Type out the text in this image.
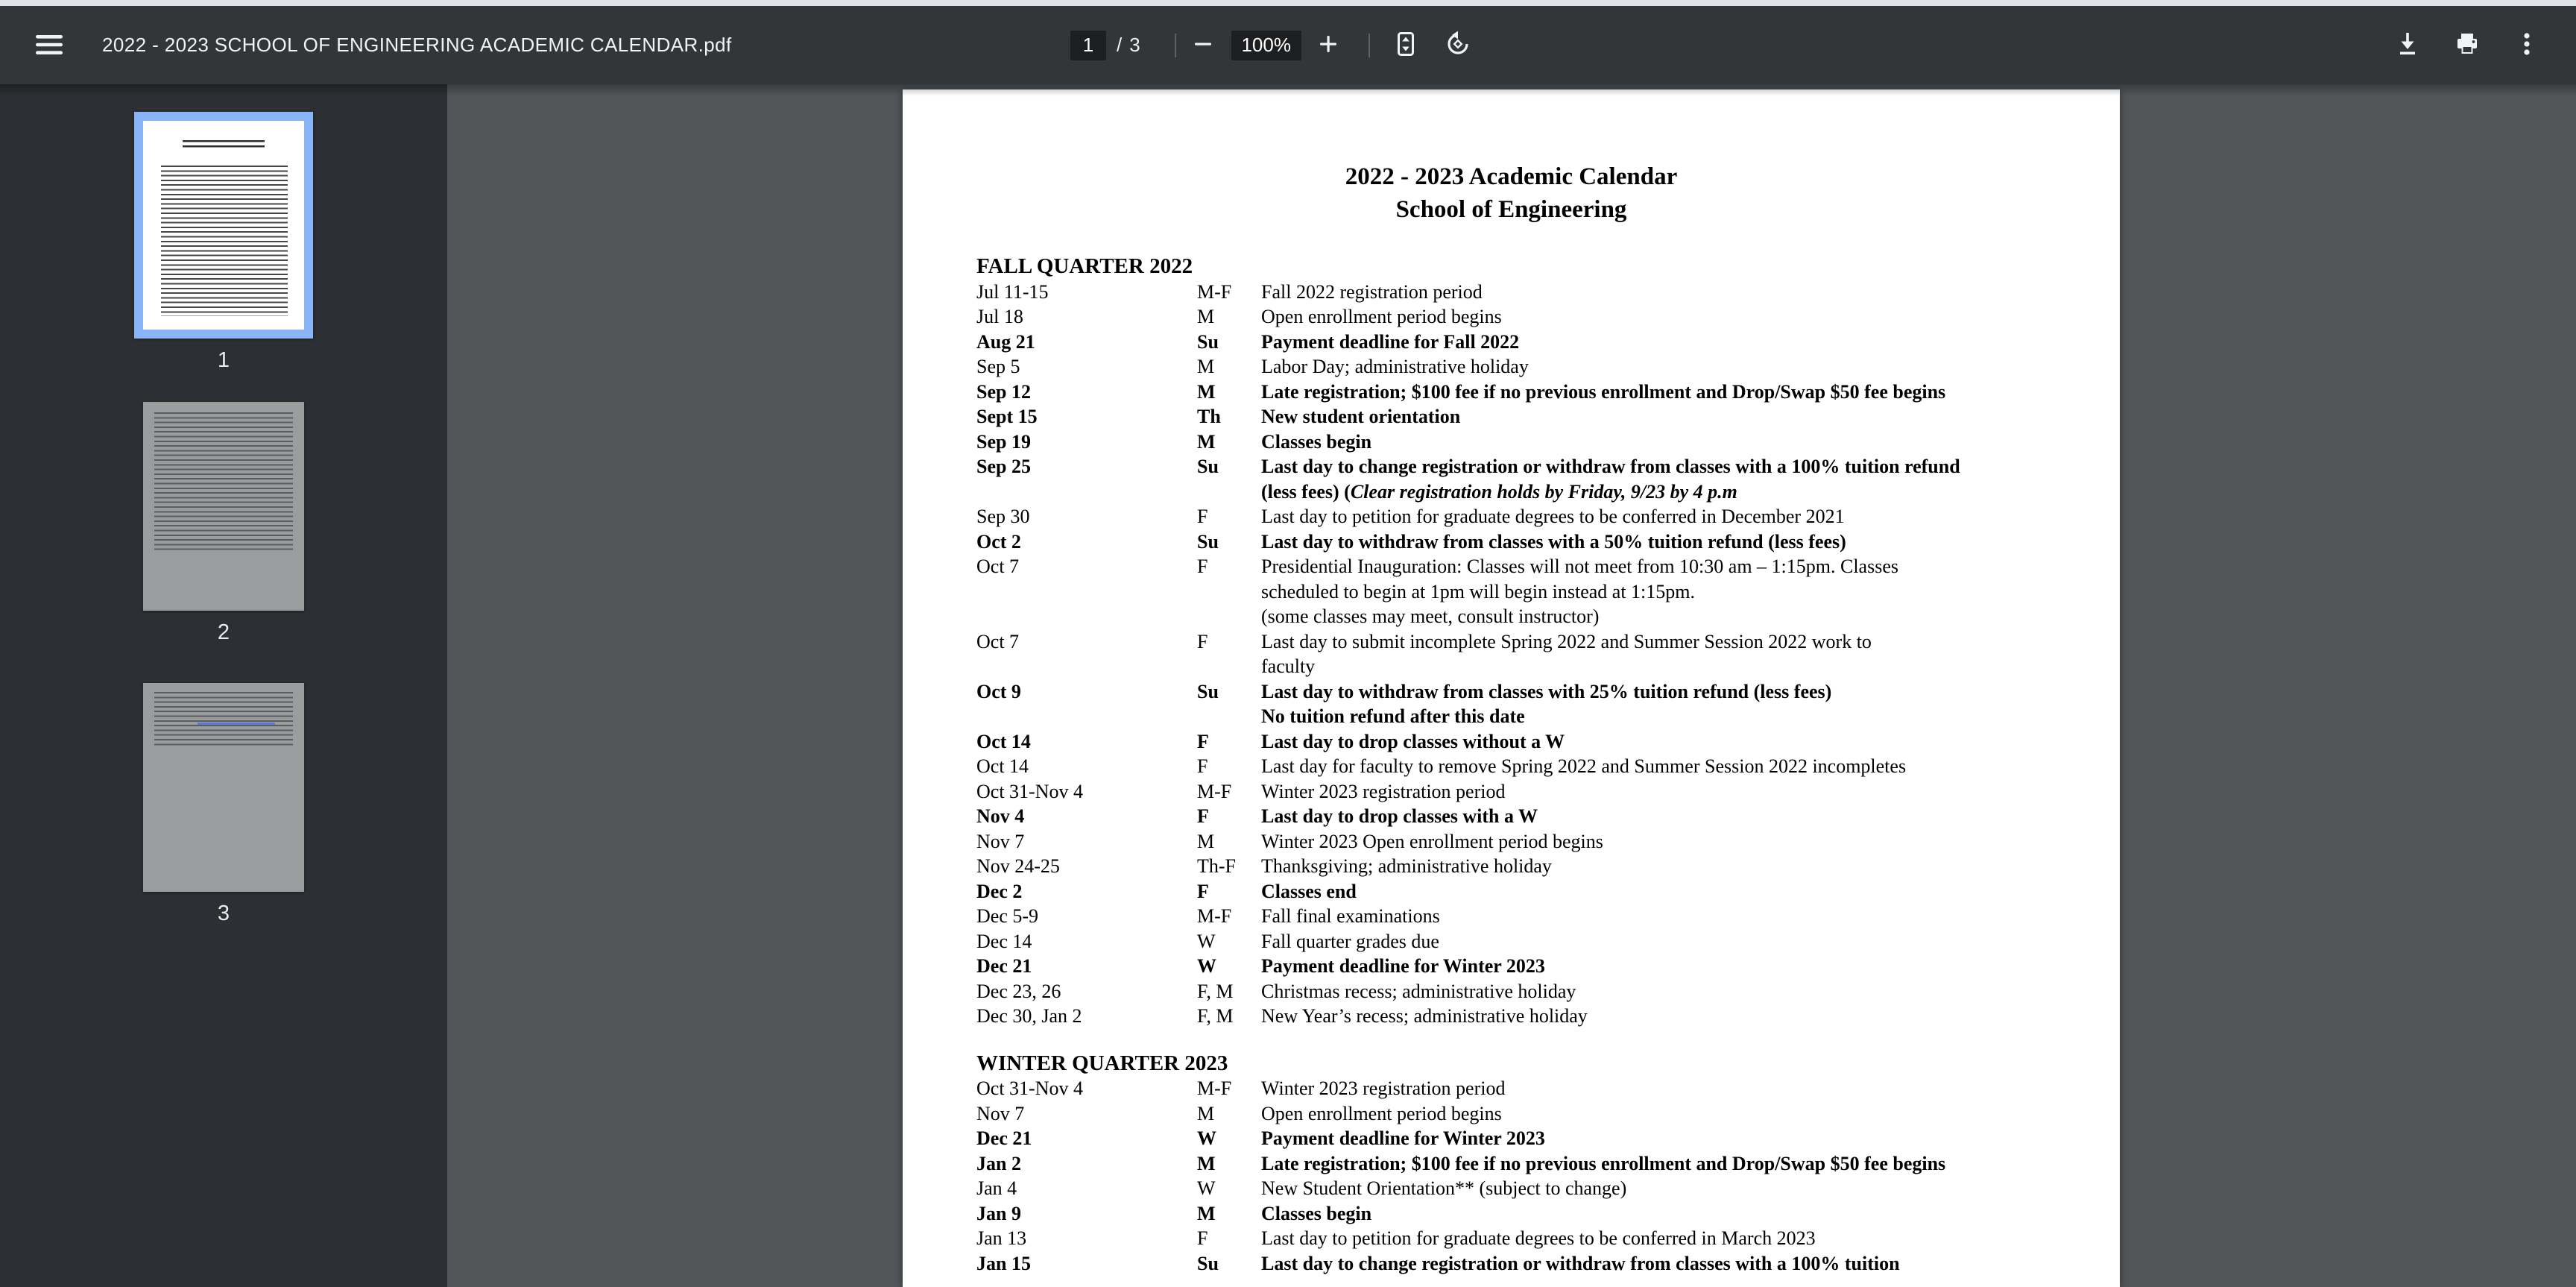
2022 - 2023 SCHOOL OF ENGINEERING ACADEMIC CALENDAR.pdf	1	/ 3	100%
1
2
3
2022 - 2023 Academic Calendar
School of Engineering
FALL QUARTER 2022
Jul 11-15	M-F Fall 2022 registration period
Jul 18	M Open enrollment period begins
Aug 21	Su Payment deadline for Fall 2022
Sep 5	M Labor Day; administrative holiday
Sep 12	M Late registration; $100 fee if no previous enrollment and Drop/Swap $50 fee begins
Sept 15	Th New student orientation
Sep 19	M Classes begin
Sep 25	Su Last day to change registration or withdraw from classes with a 100% tuition refund
(less fees) (Clear registration holds by Friday, 9/23 by 4 p.m
Sep 30	F	Last day to petition for graduate degrees to be conferred in December 2021
Oct 2	Su Last day to withdraw from classes with a 50% tuition refund (less fees)
Oct 7	F	Presidential Inauguration: Classes will not meet from 10:30 am – 1:15pm. Classes
scheduled to begin at 1pm will begin instead at 1:15pm.
(some classes may meet, consult instructor)
Oct 7	F	Last day to submit incomplete Spring 2022 and Summer Session 2022 work to
faculty
Oct 9	Su Last day to withdraw from classes with 25% tuition refund (less fees)
No tuition refund after this date
Oct 14	F	Last day to drop classes without a W
Oct 14	F	Last day for faculty to remove Spring 2022 and Summer Session 2022 incompletes
Oct 31-Nov 4	M-F Winter 2023 registration period
Nov 4	F	Last day to drop classes with a W
Nov 7	M Winter 2023 Open enrollment period begins
Nov 24-25	Th-F Thanksgiving; administrative holiday
Dec 2	F	Classes end
Dec 5-9	M-F Fall final examinations
Dec 14	W Fall quarter grades due
Dec 21	W Payment deadline for Winter 2023
Dec 23, 26	F, M Christmas recess; administrative holiday
Dec 30, Jan 2	F, M New Year’s recess; administrative holiday
WINTER QUARTER 2023
Oct 31-Nov 4	M-F Winter 2023 registration period
Nov 7	M Open enrollment period begins
Dec 21	W Payment deadline for Winter 2023
Jan 2	M Late registration; $100 fee if no previous enrollment and Drop/Swap $50 fee begins
Jan 4	W New Student Orientation** (subject to change)
Jan 9	M Classes begin
Jan 13	F	Last day to petition for graduate degrees to be conferred in March 2023
Jan 15	Su Last day to change registration or withdraw from classes with a 100% tuition
